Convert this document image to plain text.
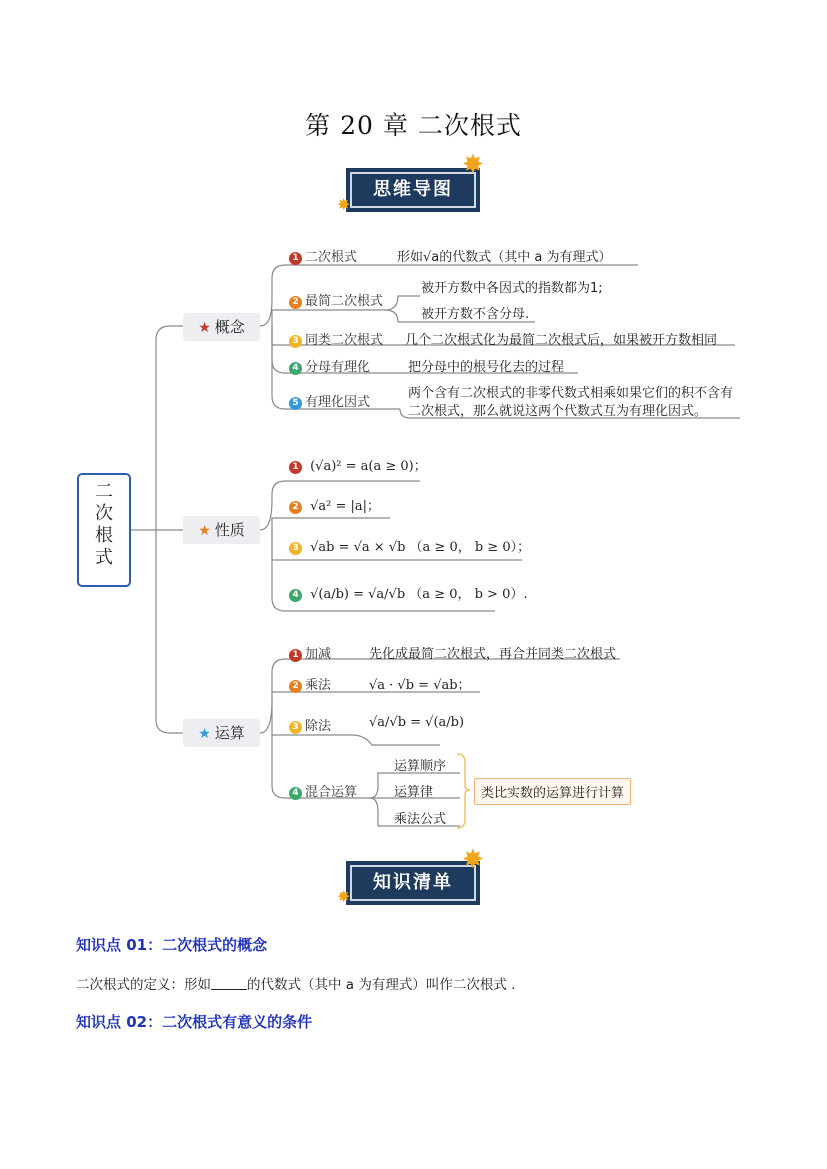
第 20 章 二次根式
思维导图
✸
✸
二次根式
★ 概念
★ 性质
★ 运算
1 二次根式	形如√a的代数式（其中 a 为有理式）
2 最简二次根式
被开方数中各因式的指数都为1;
被开方数不含分母.
3 同类二次根式 几个二次根式化为最简二次根式后，如果被开方数相同
4 分母有理化	把分母中的根号化去的过程
5 有理化因式
两个含有二次根式的非零代数式相乘如果它们的积不含有
二次根式，那么就说这两个代数式互为有理化因式。
1 (√a)² = a(a ≥ 0)；
2 √a² = |a|；
3 √ab = √a × √b （a ≥ 0， b ≥ 0）；
4 √(a/b) = √a/√b （a ≥ 0， b > 0）.
1 加减	先化成最简二次根式，再合并同类二次根式
2 乘法	√a · √b = √ab；
3 除法	√a/√b = √(a/b)
4 混合运算
运算顺序
运算律
乘法公式
类比实数的运算进行计算
知识清单
✸
✸
知识点 01：二次根式的概念
二次根式的定义：形如	的代数式（其中 a 为有理式）叫作二次根式 .
知识点 02：二次根式有意义的条件
